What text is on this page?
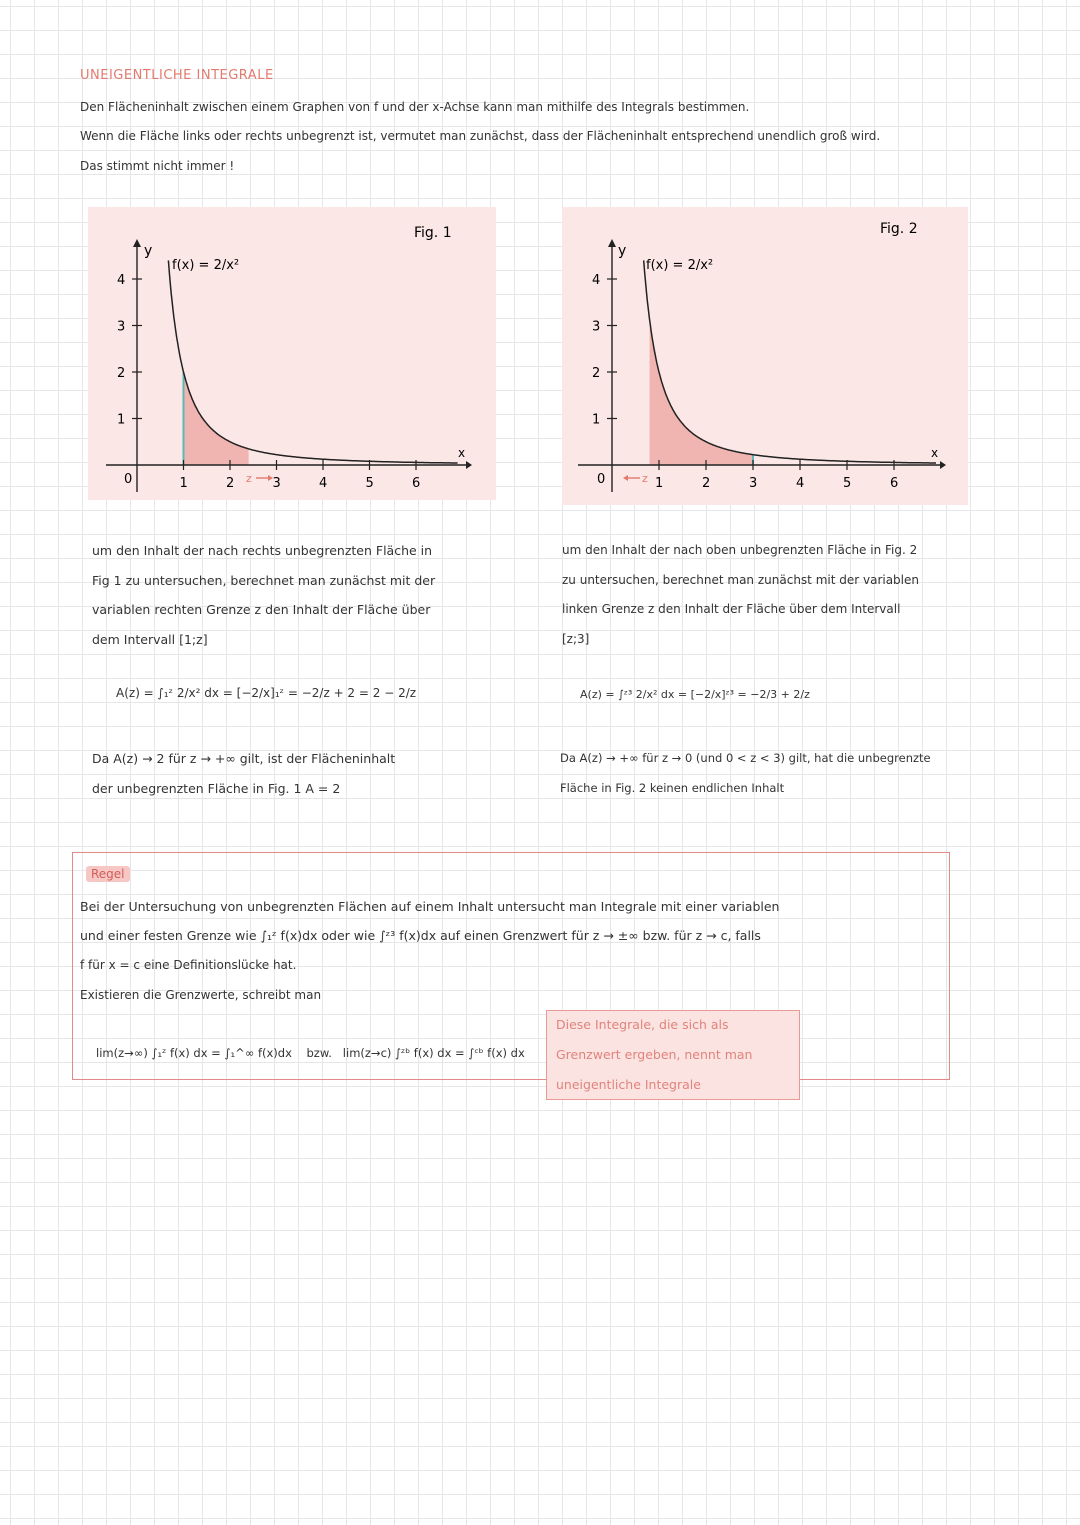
UNEIGENTLICHE INTEGRALE
Den Flächeninhalt zwischen einem Graphen von f und der x-Achse kann man mithilfe des Integrals bestimmen.
Wenn die Fläche links oder rechts unbegrenzt ist, vermutet man zunächst, dass der Flächeninhalt entsprechend unendlich groß wird.
Das stimmt nicht immer !
1
2
3
4
1	2	3	4	5	6
y
x
0
Fig. 1
f(x) = 2/x²
z
1
2
3
4
1	2	3	4	5	6
y
x
0
Fig. 2
f(x) = 2/x²
z
um den Inhalt der nach rechts unbegrenzten Fläche in
Fig 1 zu untersuchen, berechnet man zunächst mit der
variablen rechten Grenze z den Inhalt der Fläche über
dem Intervall [1;z]
A(z) = ∫₁ᶻ 2/x² dx = [−2/x]₁ᶻ = −2/z + 2 = 2 − 2/z
Da A(z) → 2 für z → +∞ gilt, ist der Flächeninhalt
der unbegrenzten Fläche in Fig. 1 A = 2
um den Inhalt der nach oben unbegrenzten Fläche in Fig. 2
zu untersuchen, berechnet man zunächst mit der variablen
linken Grenze z den Inhalt der Fläche über dem Intervall
[z;3]
A(z) = ∫ᶻ³ 2/x² dx = [−2/x]ᶻ³ = −2/3 + 2/z
Da A(z) → +∞ für z → 0 (und 0 < z < 3) gilt, hat die unbegrenzte
Fläche in Fig. 2 keinen endlichen Inhalt
Regel
Bei der Untersuchung von unbegrenzten Flächen auf einem Inhalt untersucht man Integrale mit einer variablen
und einer festen Grenze wie ∫₁ᶻ f(x)dx oder wie ∫ᶻ³ f(x)dx auf einen Grenzwert für z → ±∞ bzw. für z → c, falls
f für x = c eine Definitionslücke hat.
Existieren die Grenzwerte, schreibt man
lim(z→∞) ∫₁ᶻ f(x) dx = ∫₁^∞ f(x)dx    bzw.   lim(z→c) ∫ᶻᵇ f(x) dx = ∫ᶜᵇ f(x) dx
Diese Integrale, die sich als
Grenzwert ergeben, nennt man
uneigentliche Integrale
